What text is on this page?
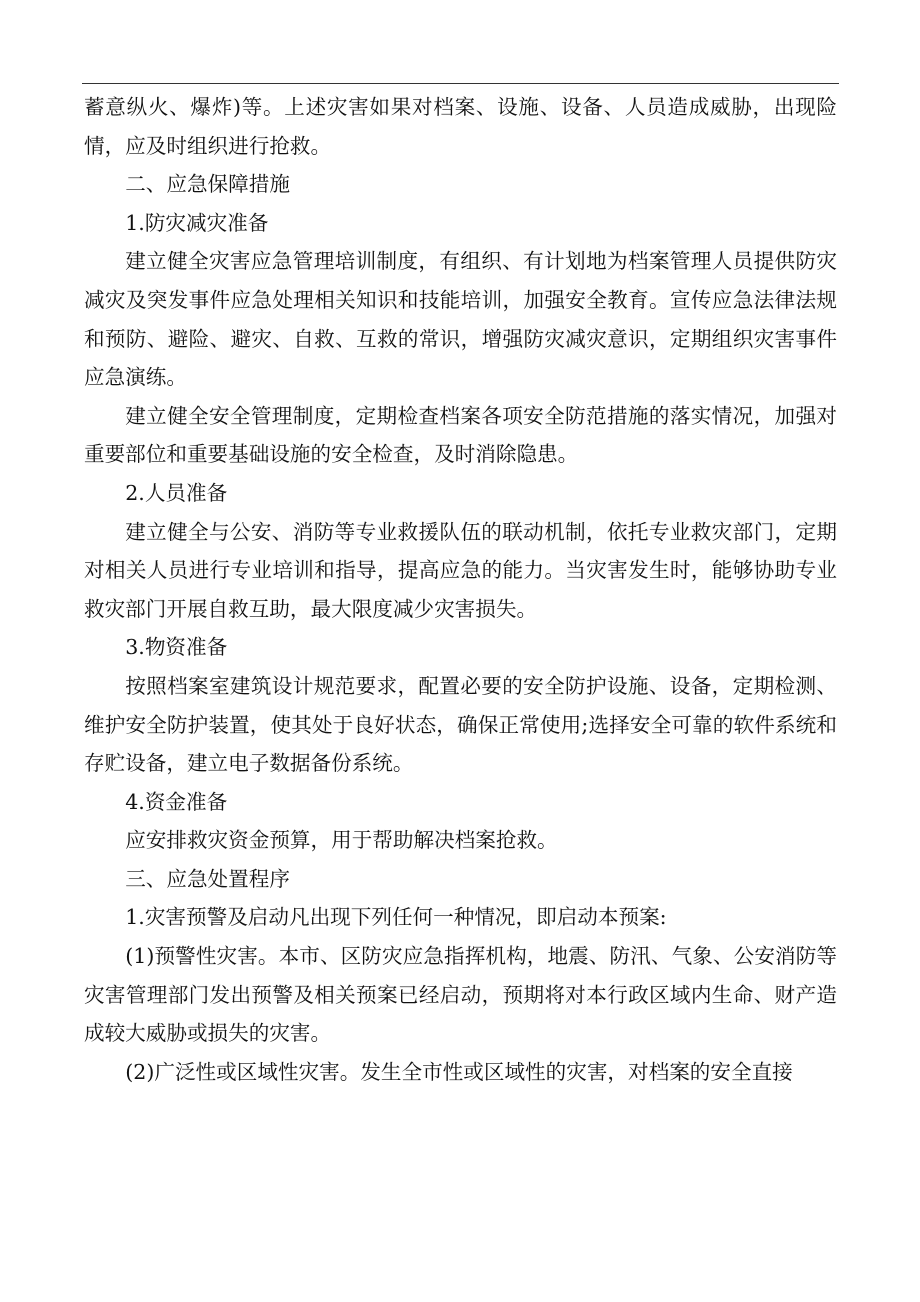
蓄意纵火、爆炸)等。上述灾害如果对档案、设施、设备、人员造成威胁，出现险情，应及时组织进行抢救。

二、应急保障措施

1.防灾减灾准备

建立健全灾害应急管理培训制度，有组织、有计划地为档案管理人员提供防灾减灾及突发事件应急处理相关知识和技能培训，加强安全教育。宣传应急法律法规和预防、避险、避灾、自救、互救的常识，增强防灾减灾意识，定期组织灾害事件应急演练。

建立健全安全管理制度，定期检查档案各项安全防范措施的落实情况，加强对重要部位和重要基础设施的安全检查，及时消除隐患。

2.人员准备

建立健全与公安、消防等专业救援队伍的联动机制，依托专业救灾部门，定期对相关人员进行专业培训和指导，提高应急的能力。当灾害发生时，能够协助专业救灾部门开展自救互助，最大限度减少灾害损失。

3.物资准备

按照档案室建筑设计规范要求，配置必要的安全防护设施、设备，定期检测、维护安全防护装置，使其处于良好状态，确保正常使用;选择安全可靠的软件系统和存贮设备，建立电子数据备份系统。

4.资金准备

应安排救灾资金预算，用于帮助解决档案抢救。

三、应急处置程序

1.灾害预警及启动凡出现下列任何一种情况，即启动本预案:

(1)预警性灾害。本市、区防灾应急指挥机构，地震、防汛、气象、公安消防等灾害管理部门发出预警及相关预案已经启动，预期将对本行政区域内生命、财产造成较大威胁或损失的灾害。

(2)广泛性或区域性灾害。发生全市性或区域性的灾害，对档案的安全直接
